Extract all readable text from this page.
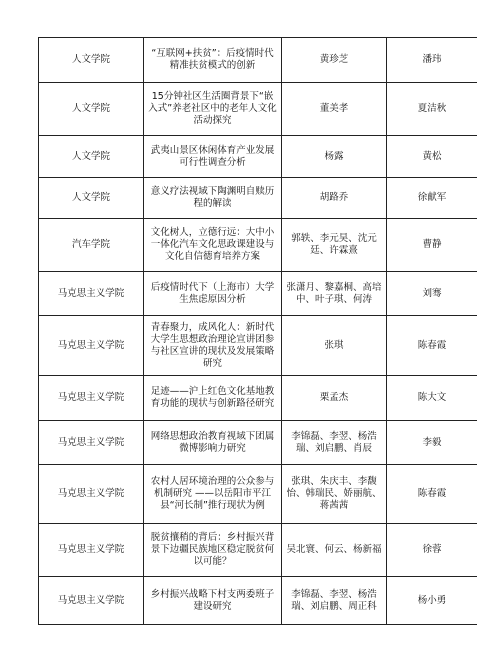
人文学院	“互联网+扶贫”：后疫情时代精准扶贫模式的创新	黄珍芝	潘玮
人文学院	15分钟社区生活圈背景下“嵌入式”养老社区中的老年人文化活动探究	董美孝	夏洁秋
人文学院	武夷山景区休闲体育产业发展可行性调查分析	杨露	黄松
人文学院	意义疗法视域下陶渊明自赎历程的解读	胡路乔	徐献军
汽车学院	文化树人，立德行远：大中小一体化汽车文化思政课建设与文化自信德育培养方案	郭轶、李元昊、沈元廷、许霖熹	曹静
马克思主义学院	后疫情时代下（上海市）大学生焦虑原因分析	张潇月、黎嘉桐、高培中、叶子琪、何涛	刘骞
马克思主义学院	青春聚力，成风化人：新时代大学生思想政治理论宣讲团参与社区宣讲的现状及发展策略研究	张琪	陈春霞
马克思主义学院	足迹——沪上红色文化基地教育功能的现状与创新路径研究	栗孟杰	陈大文
马克思主义学院	网络思想政治教育视域下团属微博影响力研究	李锦磊、李翌、杨浩瑞、刘启鹏、肖辰	李毅
马克思主义学院	农村人居环境治理的公众参与机制研究 ——以岳阳市平江县“河长制”推行现状为例	张琪、朱庆丰、李馥怡、韩瑞民、娇丽航、蒋茜茜	陈春霞
马克思主义学院	脱贫攘稍的背后：乡村振兴背景下边疆民族地区稳定脱贫何以可能？	吴北寰、何云、杨新福	徐蓉
马克思主义学院	乡村振兴战略下村支两委班子建设研究	李锦磊、李翌、杨浩瑞、刘启鹏、周正科	杨小勇
